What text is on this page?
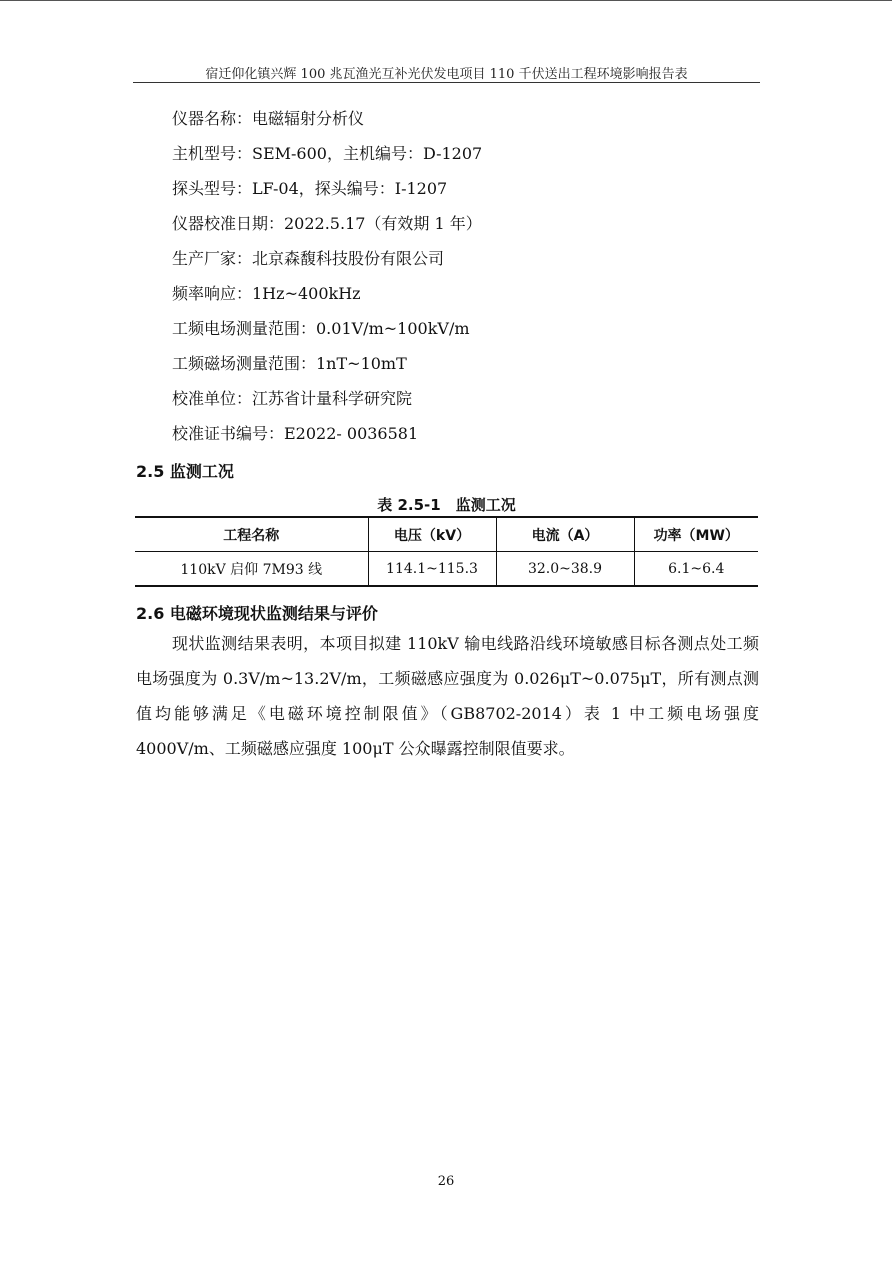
宿迁仰化镇兴辉 100 兆瓦渔光互补光伏发电项目 110 千伏送出工程环境影响报告表
仪器名称：电磁辐射分析仪
主机型号：SEM-600，主机编号：D-1207
探头型号：LF-04，探头编号：I-1207
仪器校准日期：2022.5.17（有效期 1 年）
生产厂家：北京森馥科技股份有限公司
频率响应：1Hz~400kHz
工频电场测量范围：0.01V/m~100kV/m
工频磁场测量范围：1nT~10mT
校准单位：江苏省计量科学研究院
校准证书编号：E2022- 0036581
2.5 监测工况
表 2.5-1　监测工况
工程名称	电压（kV）	电流（A）	功率（MW）
110kV 启仰 7M93 线	114.1~115.3	32.0~38.9	6.1~6.4
2.6 电磁环境现状监测结果与评价

现状监测结果表明，本项目拟建 110kV 输电线路沿线环境敏感目标各测点处工频电场强度为 0.3V/m~13.2V/m，工频磁感应强度为 0.026μT~0.075μT，所有测点测值均能够满足《电磁环境控制限值》（GB8702-2014）表 1 中工频电场强度 4000V/m、工频磁感应强度 100μT 公众曝露控制限值要求。

26
